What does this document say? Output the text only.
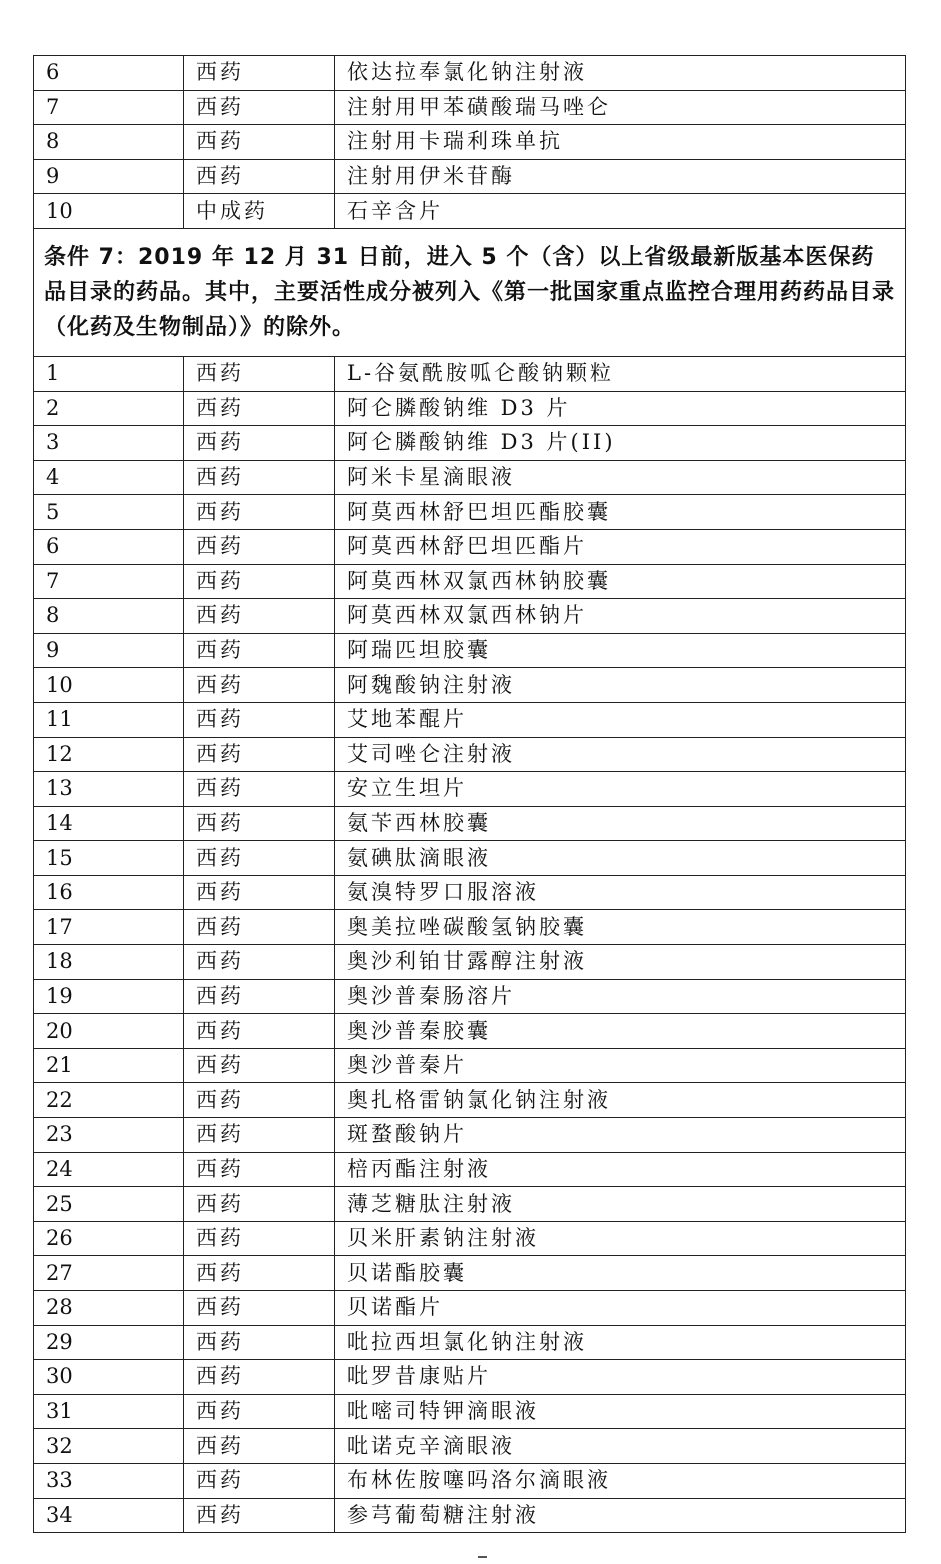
6	西药	依达拉奉氯化钠注射液
7	西药	注射用甲苯磺酸瑞马唑仑
8	西药	注射用卡瑞利珠单抗
9	西药	注射用伊米苷酶
10	中成药	石辛含片
条件 7：2019 年 12 月 31 日前，进入 5 个（含）以上省级最新版基本医保药品目录的药品。其中，主要活性成分被列入《第一批国家重点监控合理用药药品目录（化药及生物制品）》的除外。		
1	西药	L-谷氨酰胺呱仑酸钠颗粒
2	西药	阿仑膦酸钠维 D3 片
3	西药	阿仑膦酸钠维 D3 片(II)
4	西药	阿米卡星滴眼液
5	西药	阿莫西林舒巴坦匹酯胶囊
6	西药	阿莫西林舒巴坦匹酯片
7	西药	阿莫西林双氯西林钠胶囊
8	西药	阿莫西林双氯西林钠片
9	西药	阿瑞匹坦胶囊
10	西药	阿魏酸钠注射液
11	西药	艾地苯醌片
12	西药	艾司唑仑注射液
13	西药	安立生坦片
14	西药	氨苄西林胶囊
15	西药	氨碘肽滴眼液
16	西药	氨溴特罗口服溶液
17	西药	奥美拉唑碳酸氢钠胶囊
18	西药	奥沙利铂甘露醇注射液
19	西药	奥沙普秦肠溶片
20	西药	奥沙普秦胶囊
21	西药	奥沙普秦片
22	西药	奥扎格雷钠氯化钠注射液
23	西药	斑蝥酸钠片
24	西药	棓丙酯注射液
25	西药	薄芝糖肽注射液
26	西药	贝米肝素钠注射液
27	西药	贝诺酯胶囊
28	西药	贝诺酯片
29	西药	吡拉西坦氯化钠注射液
30	西药	吡罗昔康贴片
31	西药	吡嘧司特钾滴眼液
32	西药	吡诺克辛滴眼液
33	西药	布林佐胺噻吗洛尔滴眼液
34	西药	参芎葡萄糖注射液
